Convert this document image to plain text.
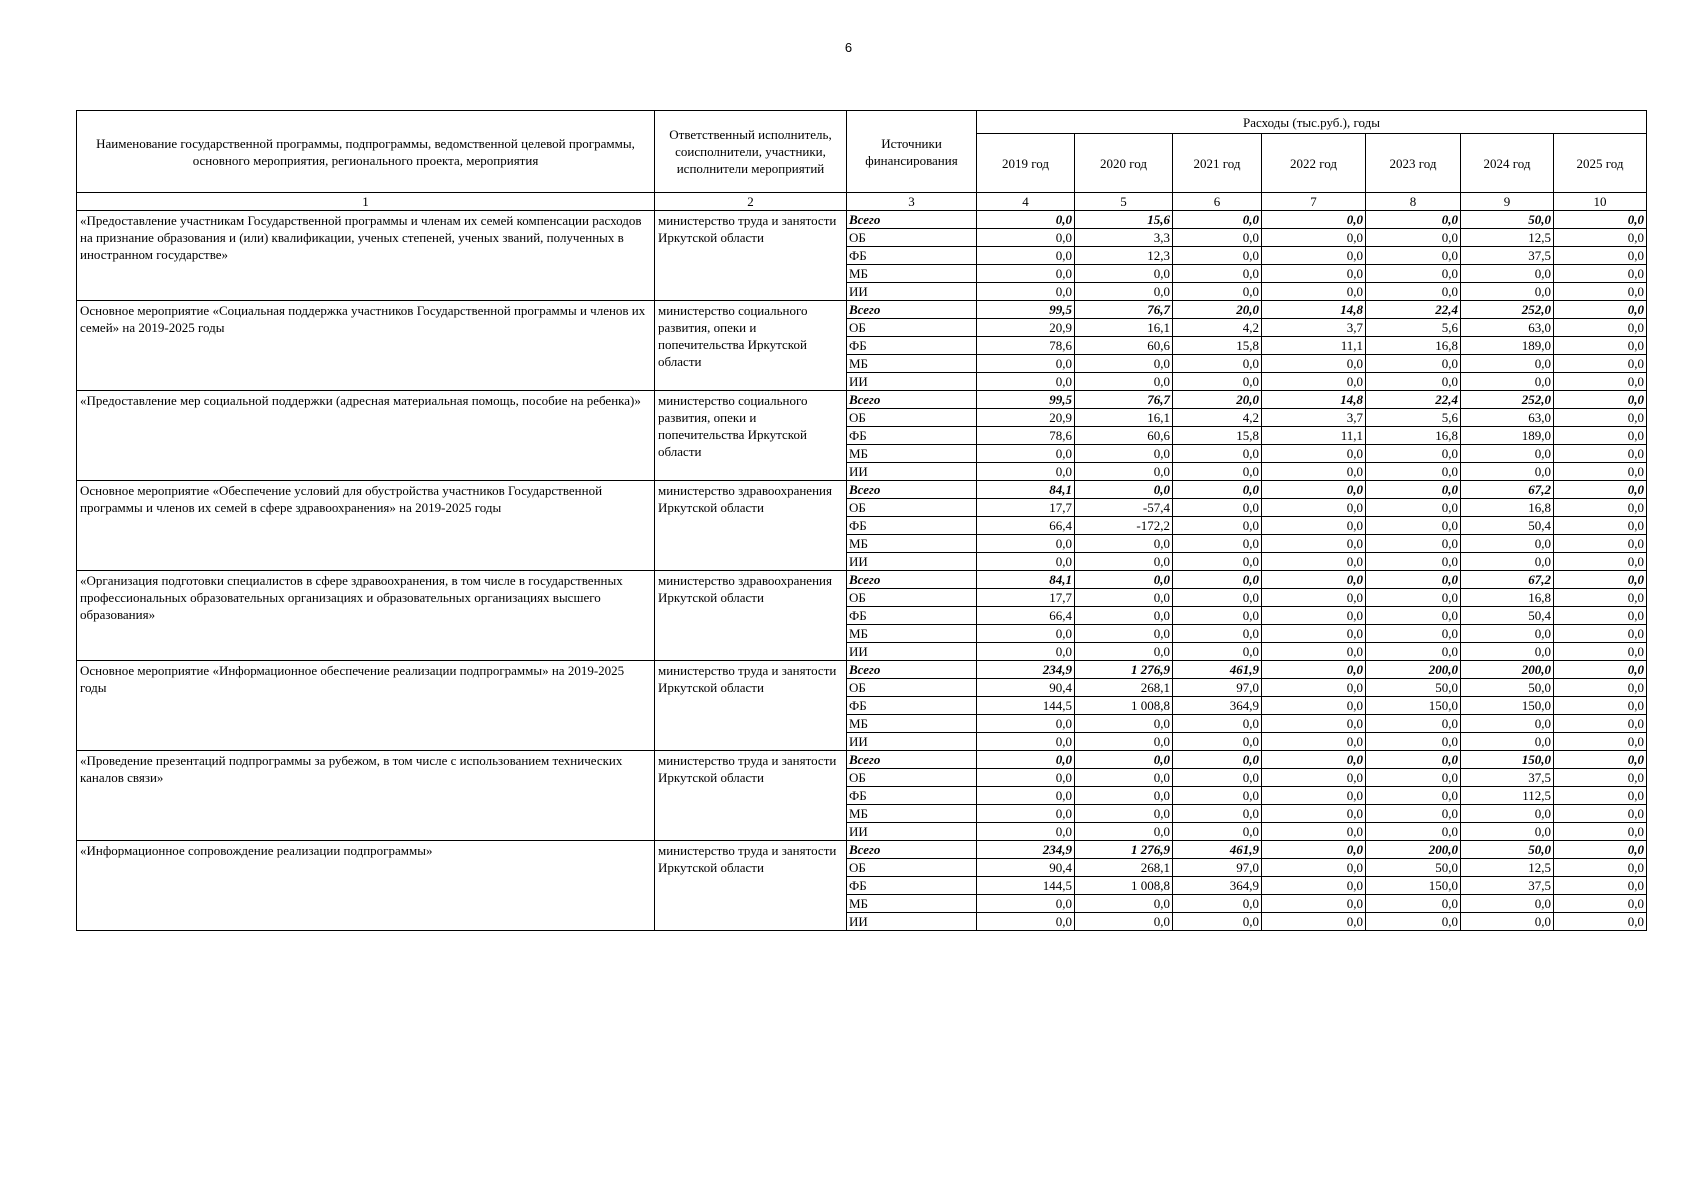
6
Наименование государственной программы, подпрограммы, ведомственной целевой программы, основного мероприятия, регионального проекта, мероприятия	Ответственный исполнитель, соисполнители, участники, исполнители мероприятий	Источники финансирования	Расходы (тыс.руб.), годы						
			2019 год	2020 год	2021 год	2022 год	2023 год	2024 год	2025 год
1	2	3	4	5	6	7	8	9	10
«Предоставление участникам Государственной программы и членам их семей компенсации расходов на признание образования и (или) квалификации, ученых степеней, ученых званий, полученных в иностранном государстве»	министерство труда и занятости Иркутской области	Всего	0,0	15,6	0,0	0,0	0,0	50,0	0,0
		ОБ	0,0	3,3	0,0	0,0	0,0	12,5	0,0
		ФБ	0,0	12,3	0,0	0,0	0,0	37,5	0,0
		МБ	0,0	0,0	0,0	0,0	0,0	0,0	0,0
		ИИ	0,0	0,0	0,0	0,0	0,0	0,0	0,0
Основное мероприятие «Социальная поддержка участников Государственной программы и членов их семей» на 2019-2025 годы	министерство социального развития, опеки и попечительства Иркутской области	Всего	99,5	76,7	20,0	14,8	22,4	252,0	0,0
		ОБ	20,9	16,1	4,2	3,7	5,6	63,0	0,0
		ФБ	78,6	60,6	15,8	11,1	16,8	189,0	0,0
		МБ	0,0	0,0	0,0	0,0	0,0	0,0	0,0
		ИИ	0,0	0,0	0,0	0,0	0,0	0,0	0,0
«Предоставление мер социальной поддержки (адресная материальная помощь, пособие на ребенка)»	министерство социального развития, опеки и попечительства Иркутской области	Всего	99,5	76,7	20,0	14,8	22,4	252,0	0,0
		ОБ	20,9	16,1	4,2	3,7	5,6	63,0	0,0
		ФБ	78,6	60,6	15,8	11,1	16,8	189,0	0,0
		МБ	0,0	0,0	0,0	0,0	0,0	0,0	0,0
		ИИ	0,0	0,0	0,0	0,0	0,0	0,0	0,0
Основное мероприятие «Обеспечение условий для обустройства участников Государственной программы и членов их семей в сфере здравоохранения» на 2019-2025 годы	министерство здравоохранения Иркутской области	Всего	84,1	0,0	0,0	0,0	0,0	67,2	0,0
		ОБ	17,7	-57,4	0,0	0,0	0,0	16,8	0,0
		ФБ	66,4	-172,2	0,0	0,0	0,0	50,4	0,0
		МБ	0,0	0,0	0,0	0,0	0,0	0,0	0,0
		ИИ	0,0	0,0	0,0	0,0	0,0	0,0	0,0
«Организация подготовки специалистов в сфере здравоохранения, в том числе в государственных профессиональных образовательных организациях и образовательных организациях высшего образования»	министерство здравоохранения Иркутской области	Всего	84,1	0,0	0,0	0,0	0,0	67,2	0,0
		ОБ	17,7	0,0	0,0	0,0	0,0	16,8	0,0
		ФБ	66,4	0,0	0,0	0,0	0,0	50,4	0,0
		МБ	0,0	0,0	0,0	0,0	0,0	0,0	0,0
		ИИ	0,0	0,0	0,0	0,0	0,0	0,0	0,0
Основное мероприятие «Информационное обеспечение реализации подпрограммы» на 2019-2025 годы	министерство труда и занятости Иркутской области	Всего	234,9	1 276,9	461,9	0,0	200,0	200,0	0,0
		ОБ	90,4	268,1	97,0	0,0	50,0	50,0	0,0
		ФБ	144,5	1 008,8	364,9	0,0	150,0	150,0	0,0
		МБ	0,0	0,0	0,0	0,0	0,0	0,0	0,0
		ИИ	0,0	0,0	0,0	0,0	0,0	0,0	0,0
«Проведение презентаций подпрограммы за рубежом, в том числе с использованием технических каналов связи»	министерство труда и занятости Иркутской области	Всего	0,0	0,0	0,0	0,0	0,0	150,0	0,0
		ОБ	0,0	0,0	0,0	0,0	0,0	37,5	0,0
		ФБ	0,0	0,0	0,0	0,0	0,0	112,5	0,0
		МБ	0,0	0,0	0,0	0,0	0,0	0,0	0,0
		ИИ	0,0	0,0	0,0	0,0	0,0	0,0	0,0
«Информационное сопровождение реализации подпрограммы»	министерство труда и занятости Иркутской области	Всего	234,9	1 276,9	461,9	0,0	200,0	50,0	0,0
		ОБ	90,4	268,1	97,0	0,0	50,0	12,5	0,0
		ФБ	144,5	1 008,8	364,9	0,0	150,0	37,5	0,0
		МБ	0,0	0,0	0,0	0,0	0,0	0,0	0,0
		ИИ	0,0	0,0	0,0	0,0	0,0	0,0	0,0
